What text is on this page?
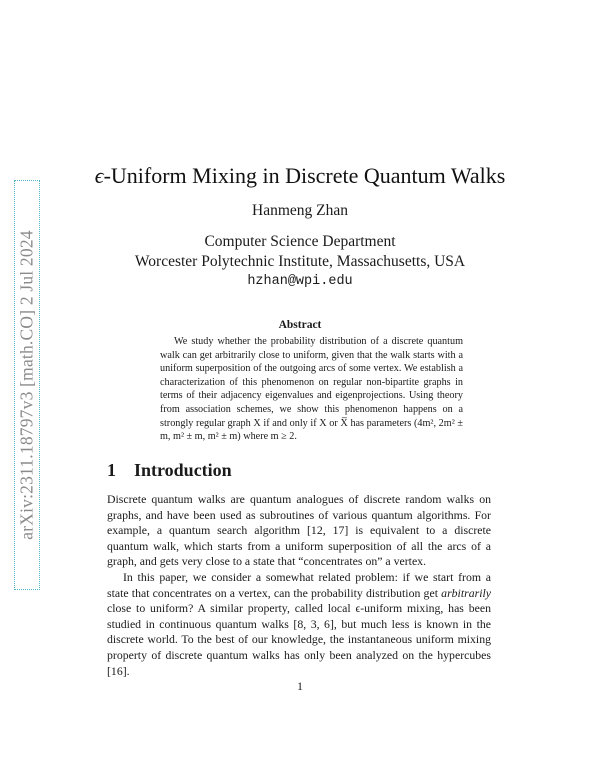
arXiv:2311.18797v3 [math.CO] 2 Jul 2024
ϵ-Uniform Mixing in Discrete Quantum Walks
Hanmeng Zhan
Computer Science Department
Worcester Polytechnic Institute, Massachusetts, USA
hzhan@wpi.edu
Abstract
We study whether the probability distribution of a discrete quantum walk can get arbitrarily close to uniform, given that the walk starts with a uniform superposition of the outgoing arcs of some vertex. We establish a characterization of this phenomenon on regular non-bipartite graphs in terms of their adjacency eigenvalues and eigenprojections. Using theory from association schemes, we show this phenomenon happens on a strongly regular graph X if and only if X or X̅ has parameters (4m², 2m² ± m, m² ± m, m² ± m) where m ≥ 2.
1 Introduction

Discrete quantum walks are quantum analogues of discrete random walks on graphs, and have been used as subroutines of various quantum algorithms. For example, a quantum search algorithm [12, 17] is equivalent to a discrete quantum walk, which starts from a uniform superposition of all the arcs of a graph, and gets very close to a state that “concentrates on” a vertex.

In this paper, we consider a somewhat related problem: if we start from a state that concentrates on a vertex, can the probability distribution get arbitrarily close to uniform? A similar property, called local ϵ-uniform mixing, has been studied in continuous quantum walks [8, 3, 6], but much less is known in the discrete world. To the best of our knowledge, the instantaneous uniform mixing property of discrete quantum walks has only been analyzed on the hypercubes [16].

1
